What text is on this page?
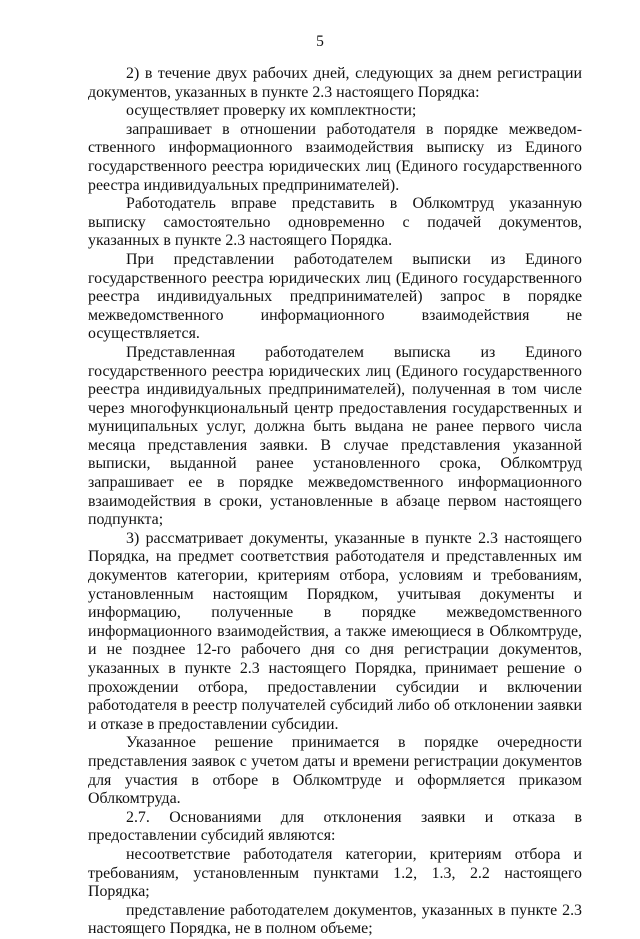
5

2) в течение двух рабочих дней, следующих за днем регистрации документов, указанных в пункте 2.3 настоящего Порядка:

осуществляет проверку их комплектности;

запрашивает в отношении работодателя в порядке межведомственного информационного взаимодействия выписку из Единого государственного реестра юридических лиц (Единого государственного реестра индивидуальных предпринимателей).

Работодатель вправе представить в Облкомтруд указанную выписку самостоятельно одновременно с подачей документов, указанных в пункте 2.3 настоящего Порядка.

При представлении работодателем выписки из Единого государственного реестра юридических лиц (Единого государственного реестра индивидуальных предпринимателей) запрос в порядке межведомственного информационного взаимодействия не осуществляется.

Представленная работодателем выписка из Единого государственного реестра юридических лиц (Единого государственного реестра индивидуальных предпринимателей), полученная в том числе через многофункциональный центр предоставления государственных и муниципальных услуг, должна быть выдана не ранее первого числа месяца представления заявки. В случае представления указанной выписки, выданной ранее установленного срока, Облкомтруд запрашивает ее в порядке межведомственного информационного взаимодействия в сроки, установленные в абзаце первом настоящего подпункта;

3) рассматривает документы, указанные в пункте 2.3 настоящего Порядка, на предмет соответствия работодателя и представленных им документов категории, критериям отбора, условиям и требованиям, установленным настоящим Порядком, учитывая документы и информацию, полученные в порядке межведомственного информационного взаимодействия, а также имеющиеся в Облкомтруде, и не позднее 12-го рабочего дня со дня регистрации документов, указанных в пункте 2.3 настоящего Порядка, принимает решение о прохождении отбора, предоставлении субсидии и включении работодателя в реестр получателей субсидий либо об отклонении заявки и отказе в предоставлении субсидии.

Указанное решение принимается в порядке очередности представления заявок с учетом даты и времени регистрации документов для участия в отборе в Облкомтруде и оформляется приказом Облкомтруда.

2.7. Основаниями для отклонения заявки и отказа в предоставлении субсидий являются:

несоответствие работодателя категории, критериям отбора и требованиям, установленным пунктами 1.2, 1.3, 2.2 настоящего Порядка;

представление работодателем документов, указанных в пункте 2.3 настоящего Порядка, не в полном объеме;
